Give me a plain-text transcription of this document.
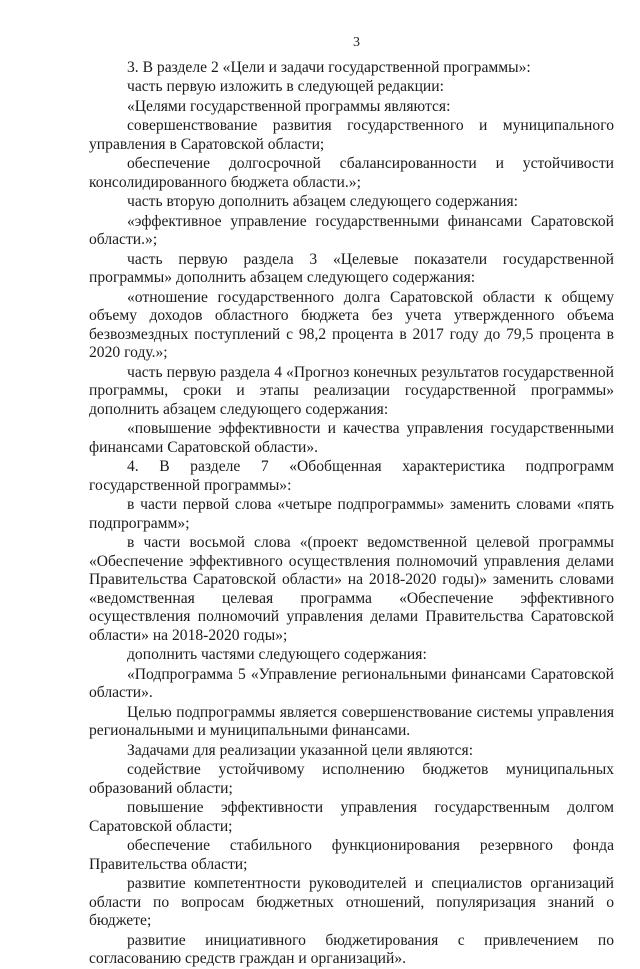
3

3. В разделе 2 «Цели и задачи государственной программы»:

часть первую изложить в следующей редакции:

«Целями государственной программы являются:

совершенствование развития государственного и муниципального управления в Саратовской области;

обеспечение долгосрочной сбалансированности и устойчивости консолидированного бюджета области.»;

часть вторую дополнить абзацем следующего содержания:

«эффективное управление государственными финансами Саратовской области.»;

часть первую раздела 3 «Целевые показатели государственной программы» дополнить абзацем следующего содержания:

«отношение государственного долга Саратовской области к общему объему доходов областного бюджета без учета утвержденного объема безвозмездных поступлений с 98,2 процента в 2017 году до 79,5 процента в 2020 году.»;

часть первую раздела 4 «Прогноз конечных результатов государственной программы, сроки и этапы реализации государственной программы» дополнить абзацем следующего содержания:

«повышение эффективности и качества управления государственными финансами Саратовской области».

4. В разделе 7 «Обобщенная характеристика подпрограмм государственной программы»:

в части первой слова «четыре подпрограммы» заменить словами «пять подпрограмм»;

в части восьмой слова «(проект ведомственной целевой программы «Обеспечение эффективного осуществления полномочий управления делами Правительства Саратовской области» на 2018-2020 годы)» заменить словами «ведомственная целевая программа «Обеспечение эффективного осуществления полномочий управления делами Правительства Саратовской области» на 2018-2020 годы»;

дополнить частями следующего содержания:

«Подпрограмма 5 «Управление региональными финансами Саратовской области».

Целью подпрограммы является совершенствование системы управления региональными и муниципальными финансами.

Задачами для реализации указанной цели являются:

содействие устойчивому исполнению бюджетов муниципальных образований области;

повышение эффективности управления государственным долгом Саратовской области;

обеспечение стабильного функционирования резервного фонда Правительства области;

развитие компетентности руководителей и специалистов организаций области по вопросам бюджетных отношений, популяризация знаний о бюджете;

развитие инициативного бюджетирования с привлечением по согласованию средств граждан и организаций».
